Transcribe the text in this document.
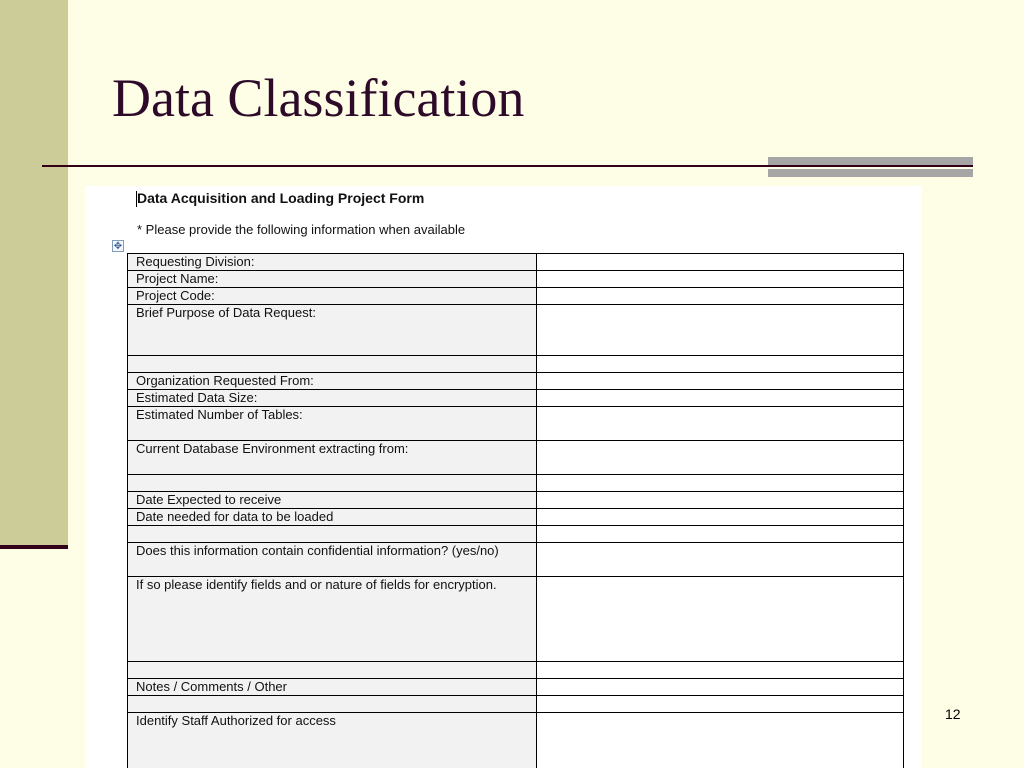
Data Classification
Data Acquisition and Loading Project Form
* Please provide the following information when available
✥
Requesting Division:	
Project Name:	
Project Code:	
Brief Purpose of Data Request:	

Organization Requested From:	
Estimated Data Size:	
Estimated Number of Tables:	
Current Database Environment extracting from:	

Date Expected to receive	
Date needed for data to be loaded	

Does this information contain confidential information? (yes/no)	
If so please identify fields and or nature of fields for encryption.	

Notes / Comments / Other	

Identify Staff Authorized for access		12
